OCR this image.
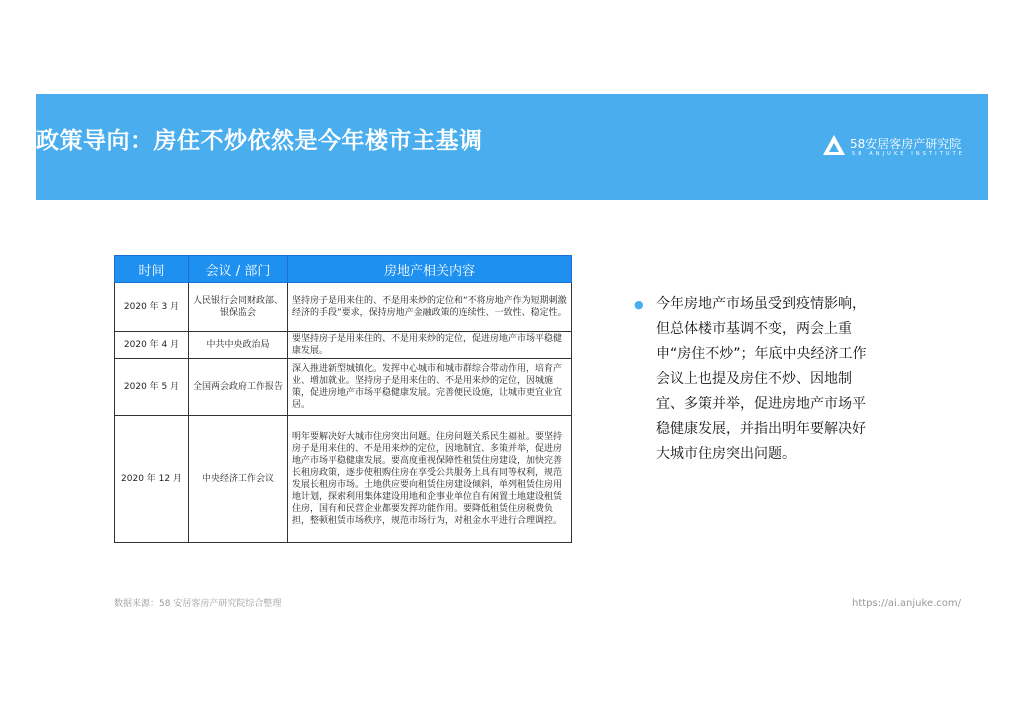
政策导向：房住不炒依然是今年楼市主基调	58安居客房产研究院
58 ANJUKE INSTITUTE
时间	会议 / 部门	房地产相关内容
2020 年 3 月	人民银行会同财政部、银保监会	坚持房子是用来住的、不是用来炒的定位和“不将房地产作为短期刺激经济的手段”要求，保持房地产金融政策的连续性、一致性、稳定性。
2020 年 4 月	中共中央政治局	要坚持房子是用来住的、不是用来炒的定位，促进房地产市场平稳健康发展。
2020 年 5 月	全国两会政府工作报告	深入推进新型城镇化。发挥中心城市和城市群综合带动作用，培育产业、增加就业。坚持房子是用来住的、不是用来炒的定位，因城施策，促进房地产市场平稳健康发展。完善便民设施，让城市更宜业宜居。
2020 年 12 月	中央经济工作会议	明年要解决好大城市住房突出问题。住房问题关系民生福祉。要坚持房子是用来住的、不是用来炒的定位，因地制宜、多策并举，促进房地产市场平稳健康发展。要高度重视保障性租赁住房建设，加快完善长租房政策，逐步使租购住房在享受公共服务上具有同等权利，规范发展长租房市场。土地供应要向租赁住房建设倾斜，单列租赁住房用地计划，探索利用集体建设用地和企事业单位自有闲置土地建设租赁住房，国有和民营企业都要发挥功能作用。要降低租赁住房税费负担，整顿租赁市场秩序，规范市场行为，对租金水平进行合理调控。
● 今年房地产市场虽受到疫情影响，但总体楼市基调不变，两会上重申“房住不炒”；年底中央经济工作会议上也提及房住不炒、因地制宜、多策并举，促进房地产市场平稳健康发展，并指出明年要解决好大城市住房突出问题。
数据来源：58 安居客房产研究院综合整理	https://ai.anjuke.com/
